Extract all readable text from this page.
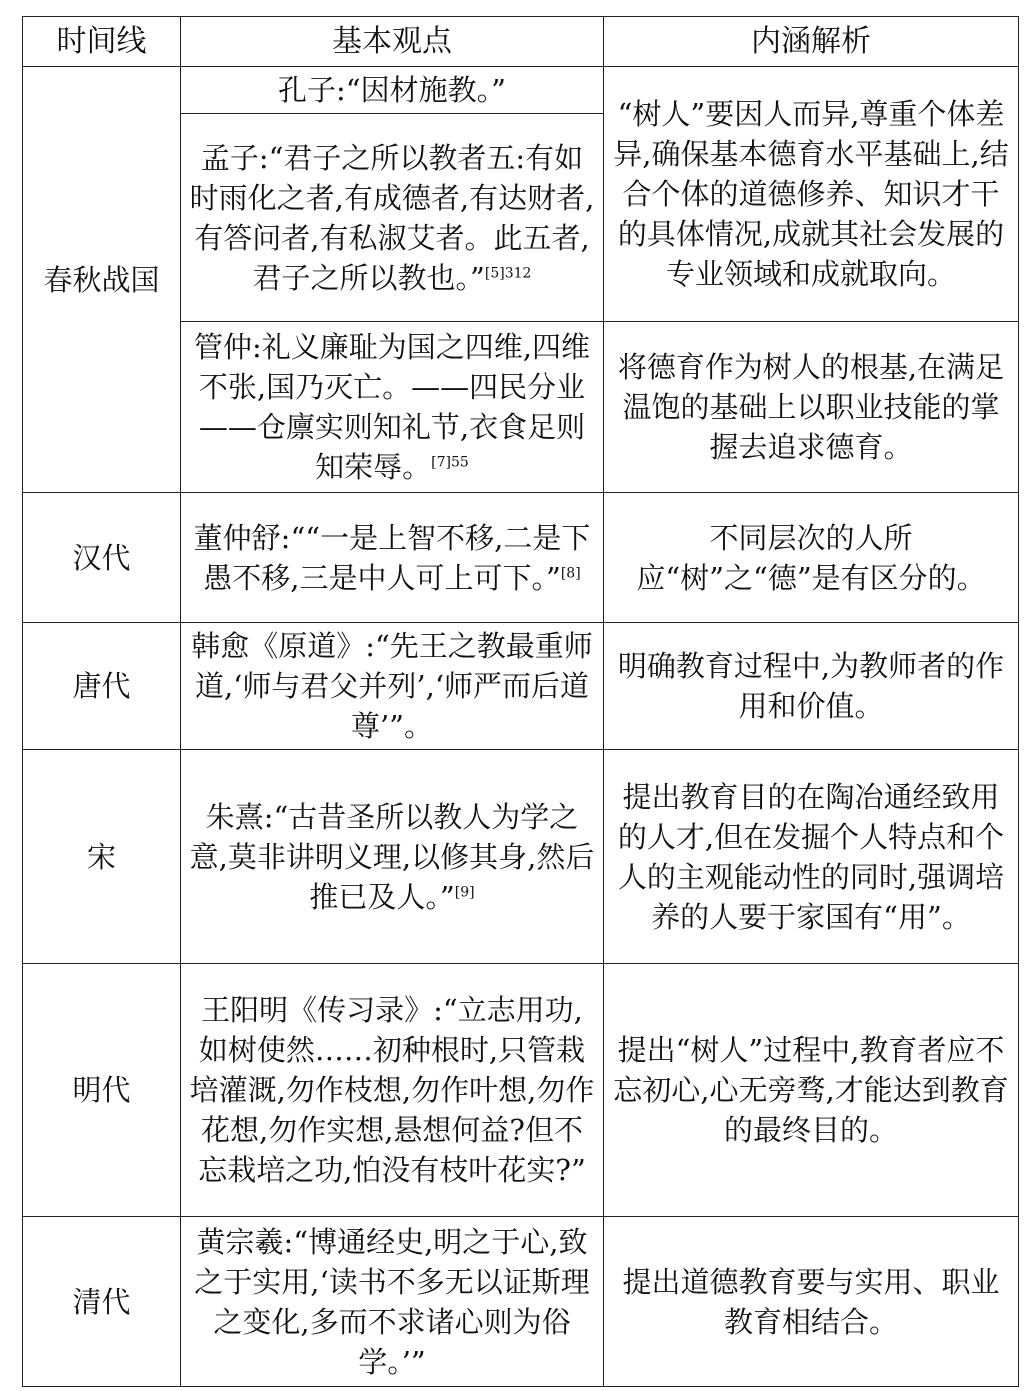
时间线	基本观点	内涵解析
春秋战国	孔子:“因材施教。”	“树人”要因人而异,尊重个体差异,确保基本德育水平基础上,结合个体的道德修养、知识才干的具体情况,成就其社会发展的专业领域和成就取向。
	孟子:“君子之所以教者五:有如时雨化之者,有成德者,有达财者,有答问者,有私淑艾者。此五者,君子之所以教也。”$^{[5]312}$
	管仲:礼义廉耻为国之四维,四维不张,国乃灭亡。——四民分业——仓廪实则知礼节,衣食足则知荣辱。$^{[7]55}$	将德育作为树人的根基,在满足温饱的基础上以职业技能的掌握去追求德育。
汉代	董仲舒:““一是上智不移,二是下愚不移,三是中人可上可下。”[8]	不同层次的人所应“树”之“德”是有区分的。
唐代	韩愈《原道》:“先王之教最重师道,‘师与君父并列’,‘师严而后道尊’”。	明确教育过程中,为教师者的作用和价值。
宋	朱熹:“古昔圣所以教人为学之意,莫非讲明义理,以修其身,然后推已及人。”[9]	提出教育目的在陶冶通经致用的人才,但在发掘个人特点和个人的主观能动性的同时,强调培养的人要于家国有“用”。
明代	王阳明《传习录》:“立志用功,如树使然……初种根时,只管栽培灌溉,勿作枝想,勿作叶想,勿作花想,勿作实想,悬想何益?但不忘栽培之功,怕没有枝叶花实?”	提出“树人”过程中,教育者应不忘初心,心无旁骛,才能达到教育的最终目的。
清代	黄宗羲:“博通经史,明之于心,致之于实用,‘读书不多无以证斯理之变化,多而不求诸心则为俗学。’”	提出道德教育要与实用、职业教育相结合。
